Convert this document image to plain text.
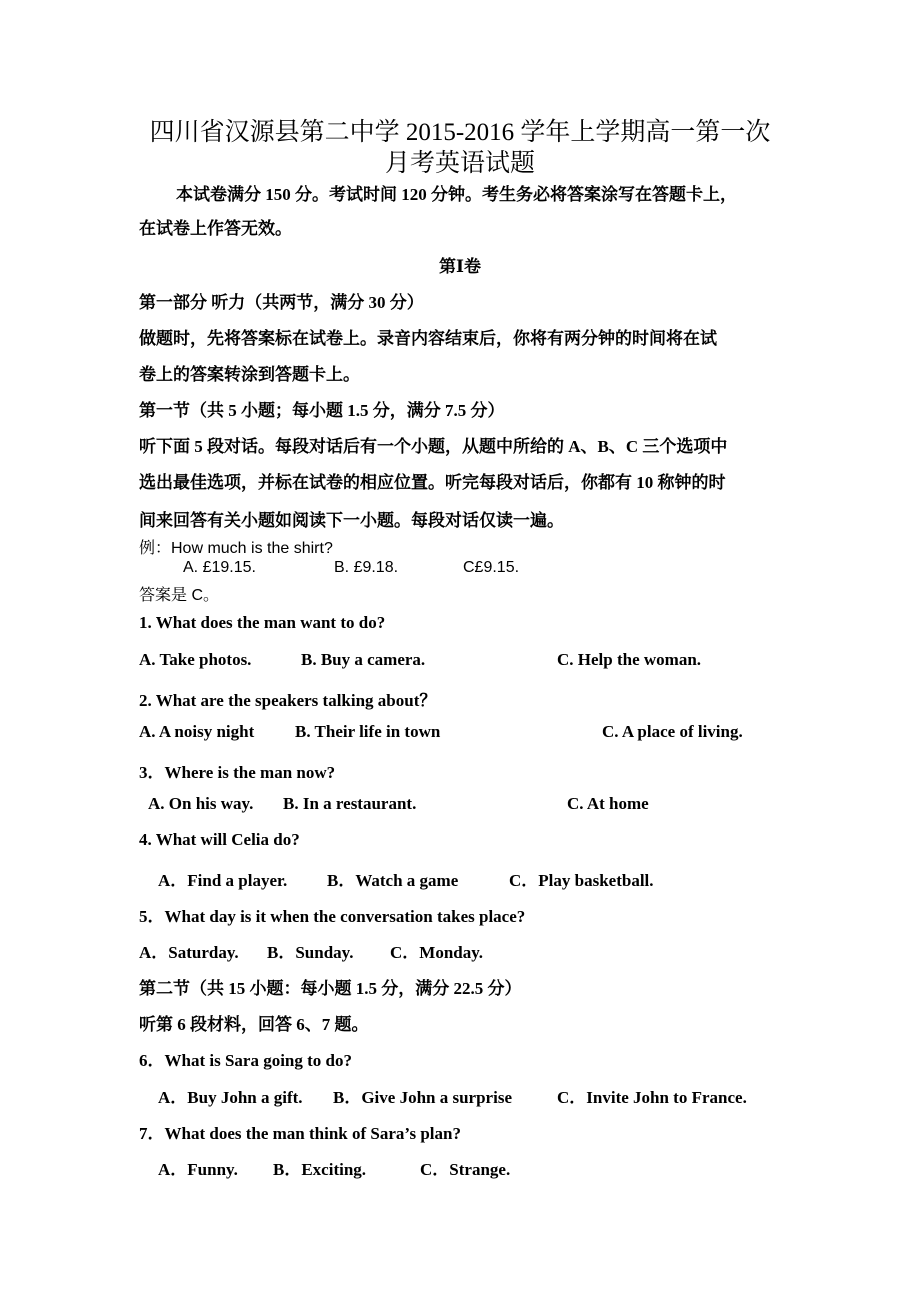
四川省汉源县第二中学 2015-2016 学年上学期高一第一次
月考英语试题
本试卷满分 150 分。考试时间 120 分钟。考生务必将答案涂写在答题卡上，
在试卷上作答无效。
第Ⅰ卷
第一部分 听力（共两节，满分 30 分）
做题时，先将答案标在试卷上。录音内容结束后，你将有两分钟的时间将在试
卷上的答案转涂到答题卡上。
第一节（共 5 小题；每小题 1.5 分，满分 7.5 分）
听下面 5 段对话。每段对话后有一个小题，从题中所给的 A、B、C 三个选项中
选出最佳选项，并标在试卷的相应位置。听完每段对话后，你都有 10 称钟的时
间来回答有关小题如阅读下一小题。每段对话仅读一遍。
例：How much is the shirt?
A. £19.15.	B. £9.18.	C£9.15.
答案是 C。
1. What does the man want to do?
A. Take photos.	B. Buy a camera.	C. Help the woman.
2. What are the speakers talking about？
A. A noisy night B. Their life in town	C. A place of living.
3．Where is the man now?
A. On his way. B. In a restaurant.	C. At home
4. What will Celia do?
A．Find a player. B．Watch a game	C．Play basketball.
5．What day is it when the conversation takes place?
A．Saturday. B．Sunday. C．Monday.
第二节（共 15 小题：每小题 1.5 分，满分 22.5 分）
听第 6 段材料，回答 6、7 题。
6．What is Sara going to do?
A．Buy John a gift. B．Give John a surprise	C．Invite John to France.
7．What does the man think of Sara’s plan?
A．Funny. B．Exciting.	C．Strange.
